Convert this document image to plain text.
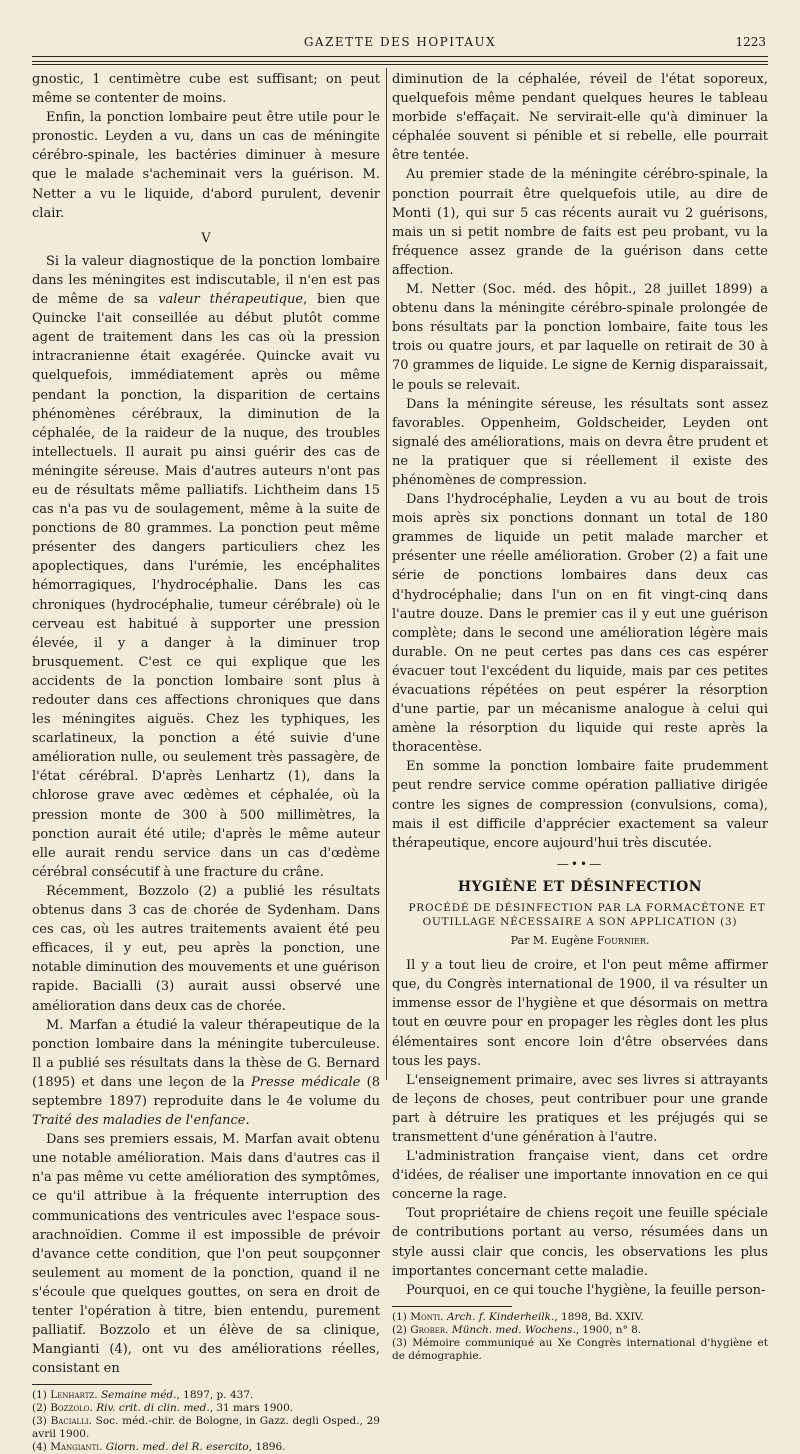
GAZETTE DES HOPITAUX	1223

gnostic, 1 centimètre cube est suffisant; on peut même se contenter de moins.

Enfin, la ponction lombaire peut être utile pour le pronostic. Leyden a vu, dans un cas de méningite cérébro-spinale, les bactéries diminuer à mesure que le malade s'acheminait vers la guérison. M. Netter a vu le liquide, d'abord purulent, devenir clair.

V

Si la valeur diagnostique de la ponction lombaire dans les méningites est indiscutable, il n'en est pas de même de sa valeur thérapeutique, bien que Quincke l'ait conseillée au début plutôt comme agent de traitement dans les cas où la pression intracranienne était exagérée. Quincke avait vu quelquefois, immédiatement après ou même pendant la ponction, la disparition de certains phénomènes cérébraux, la diminution de la céphalée, de la raideur de la nuque, des troubles intellectuels. Il aurait pu ainsi guérir des cas de méningite séreuse. Mais d'autres auteurs n'ont pas eu de résultats même palliatifs. Lichtheim dans 15 cas n'a pas vu de soulagement, même à la suite de ponctions de 80 grammes. La ponction peut même présenter des dangers particuliers chez les apoplectiques, dans l'urémie, les encéphalites hémorragiques, l'hydrocéphalie. Dans les cas chroniques (hydrocéphalie, tumeur cérébrale) où le cerveau est habitué à supporter une pression élevée, il y a danger à la diminuer trop brusquement. C'est ce qui explique que les accidents de la ponction lombaire sont plus à redouter dans ces affections chroniques que dans les méningites aiguës. Chez les typhiques, les scarlatineux, la ponction a été suivie d'une amélioration nulle, ou seulement très passagère, de l'état cérébral. D'après Lenhartz (1), dans la chlorose grave avec œdèmes et céphalée, où la pression monte de 300 à 500 millimètres, la ponction aurait été utile; d'après le même auteur elle aurait rendu service dans un cas d'œdème cérébral consécutif à une fracture du crâne.

Récemment, Bozzolo (2) a publié les résultats obtenus dans 3 cas de chorée de Sydenham. Dans ces cas, où les autres traitements avaient été peu efficaces, il y eut, peu après la ponction, une notable diminution des mouvements et une guérison rapide. Bacialli (3) aurait aussi observé une amélioration dans deux cas de chorée.

M. Marfan a étudié la valeur thérapeutique de la ponction lombaire dans la méningite tuberculeuse. Il a publié ses résultats dans la thèse de G. Bernard (1895) et dans une leçon de la Presse médicale (8 septembre 1897) reproduite dans le 4e volume du Traité des maladies de l'enfance.

Dans ses premiers essais, M. Marfan avait obtenu une notable amélioration. Mais dans d'autres cas il n'a pas même vu cette amélioration des symptômes, ce qu'il attribue à la fréquente interruption des communications des ventricules avec l'espace sous-arachnoïdien. Comme il est impossible de prévoir d'avance cette condition, que l'on peut soupçonner seulement au moment de la ponction, quand il ne s'écoule que quelques gouttes, on sera en droit de tenter l'opération à titre, bien entendu, purement palliatif. Bozzolo et un élève de sa clinique, Mangianti (4), ont vu des améliorations réelles, consistant en

(1) Lenhartz. Semaine méd., 1897, p. 437.

(2) Bozzolo. Riv. crit. di clin. med., 31 mars 1900.

(3) Bacialli. Soc. méd.-chir. de Bologne, in Gazz. degli Osped., 29 avril 1900.

(4) Mangianti. Giorn. med. del R. esercito, 1896.

diminution de la céphalée, réveil de l'état soporeux, quelquefois même pendant quelques heures le tableau morbide s'effaçait. Ne servirait-elle qu'à diminuer la céphalée souvent si pénible et si rebelle, elle pourrait être tentée.

Au premier stade de la méningite cérébro-spinale, la ponction pourrait être quelquefois utile, au dire de Monti (1), qui sur 5 cas récents aurait vu 2 guérisons, mais un si petit nombre de faits est peu probant, vu la fréquence assez grande de la guérison dans cette affection.

M. Netter (Soc. méd. des hôpit., 28 juillet 1899) a obtenu dans la méningite cérébro-spinale prolongée de bons résultats par la ponction lombaire, faite tous les trois ou quatre jours, et par laquelle on retirait de 30 à 70 grammes de liquide. Le signe de Kernig disparaissait, le pouls se relevait.

Dans la méningite séreuse, les résultats sont assez favorables. Oppenheim, Goldscheider, Leyden ont signalé des améliorations, mais on devra être prudent et ne la pratiquer que si réellement il existe des phénomènes de compression.

Dans l'hydrocéphalie, Leyden a vu au bout de trois mois après six ponctions donnant un total de 180 grammes de liquide un petit malade marcher et présenter une réelle amélioration. Grober (2) a fait une série de ponctions lombaires dans deux cas d'hydrocéphalie; dans l'un on en fit vingt-cinq dans l'autre douze. Dans le premier cas il y eut une guérison complète; dans le second une amélioration légère mais durable. On ne peut certes pas dans ces cas espérer évacuer tout l'excédent du liquide, mais par ces petites évacuations répétées on peut espérer la résorption d'une partie, par un mécanisme analogue à celui qui amène la résorption du liquide qui reste après la thoracentèse.

En somme la ponction lombaire faite prudemment peut rendre service comme opération palliative dirigée contre les signes de compression (convulsions, coma), mais il est difficile d'apprécier exactement sa valeur thérapeutique, encore aujourd'hui très discutée.

—••—
HYGIÈNE ET DÉSINFECTION

PROCÉDÉ DE DÉSINFECTION PAR LA FORMACÉTONE ET OUTILLAGE NÉCESSAIRE A SON APPLICATION (3)

Par M. Eugène Fournier.

Il y a tout lieu de croire, et l'on peut même affirmer que, du Congrès international de 1900, il va résulter un immense essor de l'hygiène et que désormais on mettra tout en œuvre pour en propager les règles dont les plus élémentaires sont encore loin d'être observées dans tous les pays.

L'enseignement primaire, avec ses livres si attrayants de leçons de choses, peut contribuer pour une grande part à détruire les pratiques et les préjugés qui se transmettent d'une génération à l'autre.

L'administration française vient, dans cet ordre d'idées, de réaliser une importante innovation en ce qui concerne la rage.

Tout propriétaire de chiens reçoit une feuille spéciale de contributions portant au verso, résumées dans un style aussi clair que concis, les observations les plus importantes concernant cette maladie.

Pourquoi, en ce qui touche l'hygiène, la feuille person-

(1) Monti. Arch. f. Kinderheilk., 1898, Bd. XXIV.

(2) Grober. Münch. med. Wochens., 1900, n° 8.

(3) Mémoire communiqué au Xe Congrès international d'hygiène et de démographie.
